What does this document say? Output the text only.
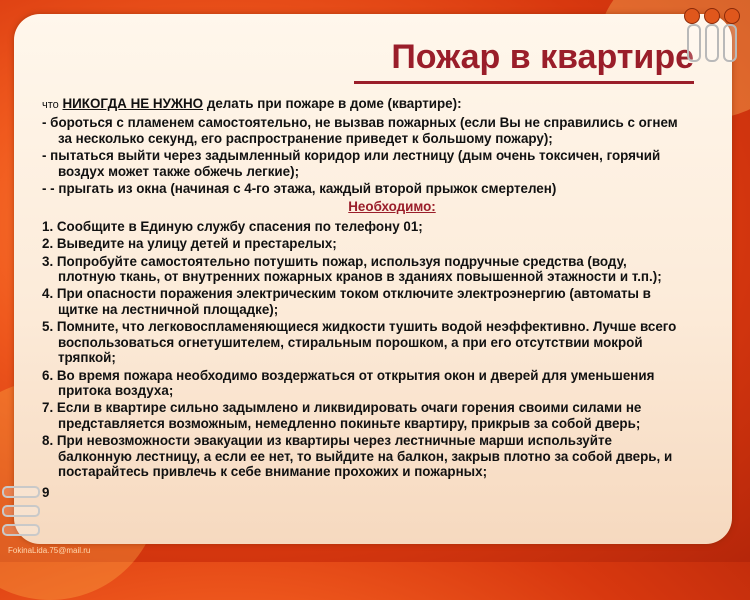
Пожар в квартире

что НИКОГДА НЕ НУЖНО делать при пожаре в доме (квартире):

- бороться с пламенем самостоятельно, не вызвав пожарных (если Вы не справились с огнем
за несколько секунд, его распространение приведет к большому пожару);

- пытаться выйти через задымленный коридор или лестницу (дым очень токсичен, горячий
воздух может также обжечь легкие);

- - прыгать из окна (начиная с 4-го этажа, каждый второй прыжок смертелен)

Необходимо:

1. Сообщите в Единую службу спасения по телефону 01;

2. Выведите на улицу детей и престарелых;

3. Попробуйте самостоятельно потушить пожар, используя подручные средства (воду,
плотную ткань, от внутренних пожарных кранов в зданиях повышенной этажности и т.п.);

4. При опасности поражения электрическим током отключите электроэнергию (автоматы в
щитке на лестничной площадке);

5. Помните, что легковоспламеняющиеся жидкости тушить водой неэффективно. Лучше всего
воспользоваться огнетушителем, стиральным порошком, а при его отсутствии мокрой
тряпкой;

6. Во время пожара необходимо воздержаться от открытия окон и дверей для уменьшения
притока воздуха;

7. Если в квартире сильно задымлено и ликвидировать очаги горения своими силами не
представляется возможным, немедленно покиньте квартиру, прикрыв за собой дверь;

8. При невозможности эвакуации из квартиры через лестничные марши используйте
балконную лестницу, а если ее нет, то выйдите на балкон, закрыв плотно за собой дверь, и
постарайтесь привлечь к себе внимание прохожих и пожарных;

9

FokinaLida.75@mail.ru
